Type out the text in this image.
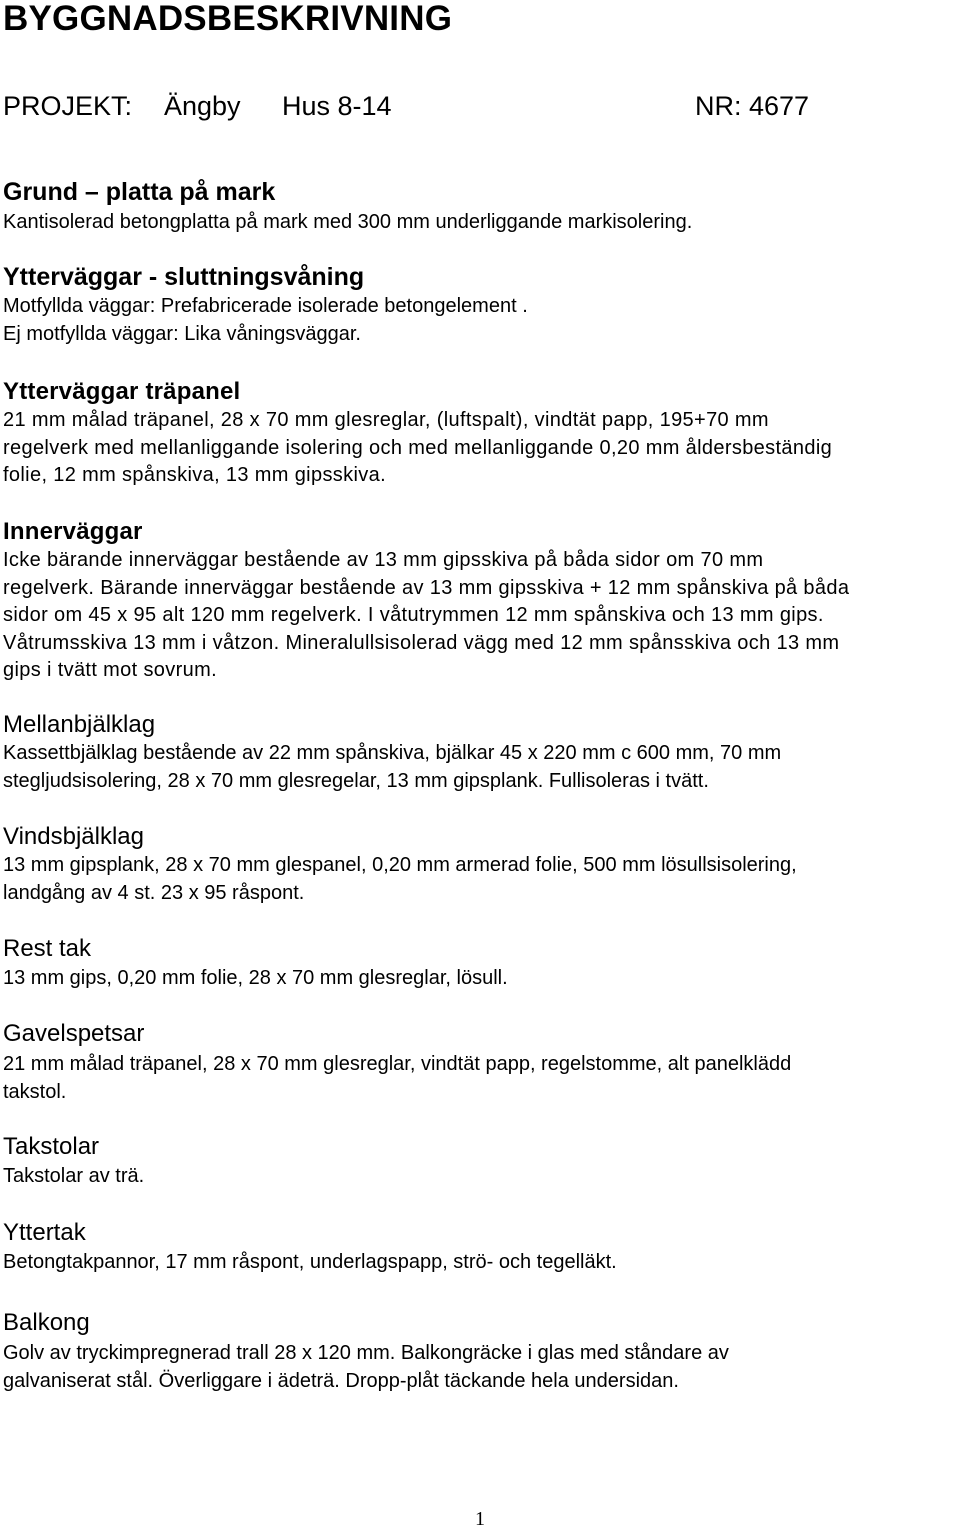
BYGGNADSBESKRIVNING
PROJEKT: Ängby Hus 8-14	NR: 4677
Grund – platta på mark
Kantisolerad betongplatta på mark med 300 mm underliggande markisolering.
Ytterväggar - sluttningsvåning
Motfyllda väggar: Prefabricerade isolerade betongelement .
Ej motfyllda väggar: Lika våningsväggar.
Ytterväggar träpanel
21 mm målad träpanel, 28 x 70 mm glesreglar, (luftspalt), vindtät papp, 195+70 mm
regelverk med mellanliggande isolering och med mellanliggande 0,20 mm åldersbeständig
folie, 12 mm spånskiva, 13 mm gipsskiva.
Innerväggar
Icke bärande innerväggar bestående av 13 mm gipsskiva på båda sidor om 70 mm
regelverk. Bärande innerväggar bestående av 13 mm gipsskiva + 12 mm spånskiva på båda
sidor om 45 x 95 alt 120 mm regelverk. I våtutrymmen 12 mm spånskiva och 13 mm gips.
Våtrumsskiva 13 mm i våtzon. Mineralullsisolerad vägg med 12 mm spånsskiva och 13 mm
gips i tvätt mot sovrum.
Mellanbjälklag
Kassettbjälklag bestående av 22 mm spånskiva, bjälkar 45 x 220 mm c 600 mm, 70 mm
stegljudsisolering, 28 x 70 mm glesregelar, 13 mm gipsplank. Fullisoleras i tvätt.
Vindsbjälklag
13 mm gipsplank, 28 x 70 mm glespanel, 0,20 mm armerad folie, 500 mm lösullsisolering,
landgång av 4 st. 23 x 95 råspont.
Rest tak
13 mm gips, 0,20 mm folie, 28 x 70 mm glesreglar, lösull.
Gavelspetsar
21 mm målad träpanel, 28 x 70 mm glesreglar, vindtät papp, regelstomme, alt panelklädd
takstol.
Takstolar
Takstolar av trä.
Yttertak
Betongtakpannor, 17 mm råspont, underlagspapp, strö- och tegelläkt.
Balkong
Golv av tryckimpregnerad trall 28 x 120 mm. Balkongräcke i glas med ståndare av
galvaniserat stål. Överliggare i ädeträ. Dropp-plåt täckande hela undersidan.
1
